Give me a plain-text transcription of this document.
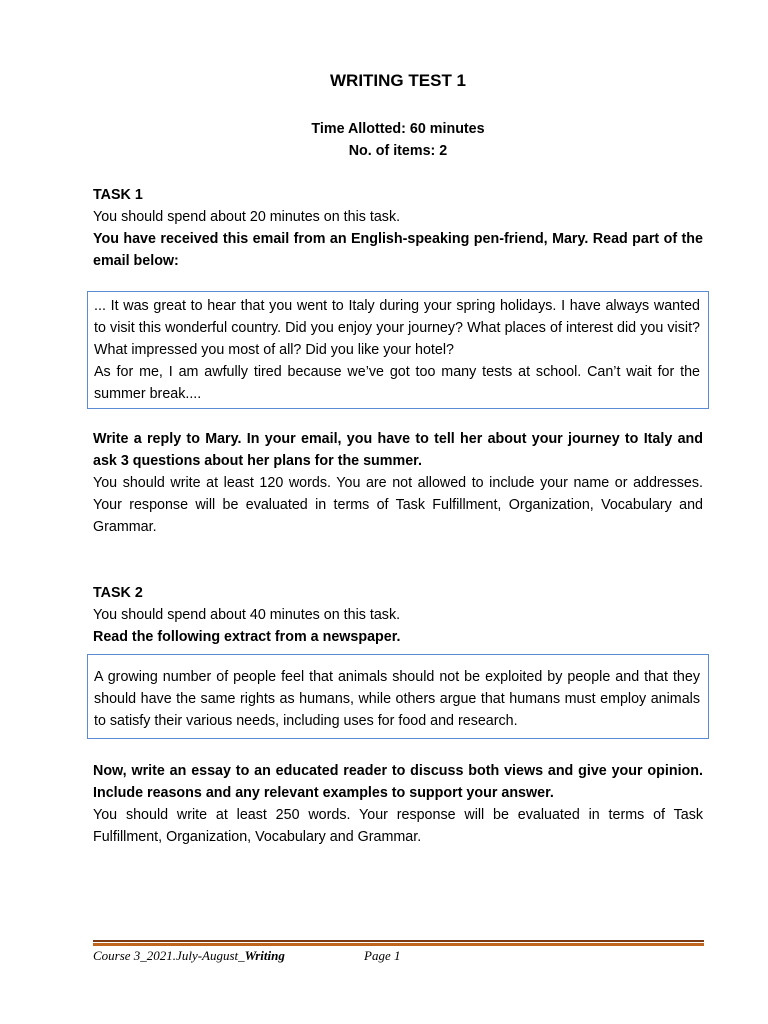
WRITING TEST 1
Time Allotted: 60 minutes
No. of items: 2
TASK 1
You should spend about 20 minutes on this task.
You have received this email from an English-speaking pen-friend, Mary. Read part of the email below:
... It was great to hear that you went to Italy during your spring holidays. I have always wanted to visit this wonderful country. Did you enjoy your journey? What places of interest did you visit? What impressed you most of all? Did you like your hotel?
As for me, I am awfully tired because we’ve got too many tests at school. Can’t wait for the summer break....
Write a reply to Mary. In your email, you have to tell her about your journey to Italy and ask 3 questions about her plans for the summer.
You should write at least 120 words. You are not allowed to include your name or addresses. Your response will be evaluated in terms of Task Fulfillment, Organization, Vocabulary and Grammar.
TASK 2
You should spend about 40 minutes on this task.
Read the following extract from a newspaper.
A growing number of people feel that animals should not be exploited by people and that they should have the same rights as humans, while others argue that humans must employ animals to satisfy their various needs, including uses for food and research.
Now, write an essay to an educated reader to discuss both views and give your opinion. Include reasons and any relevant examples to support your answer.
You should write at least 250 words. Your response will be evaluated in terms of Task Fulfillment, Organization, Vocabulary and Grammar.
Course 3_2021.July-August_Writing	Page 1
